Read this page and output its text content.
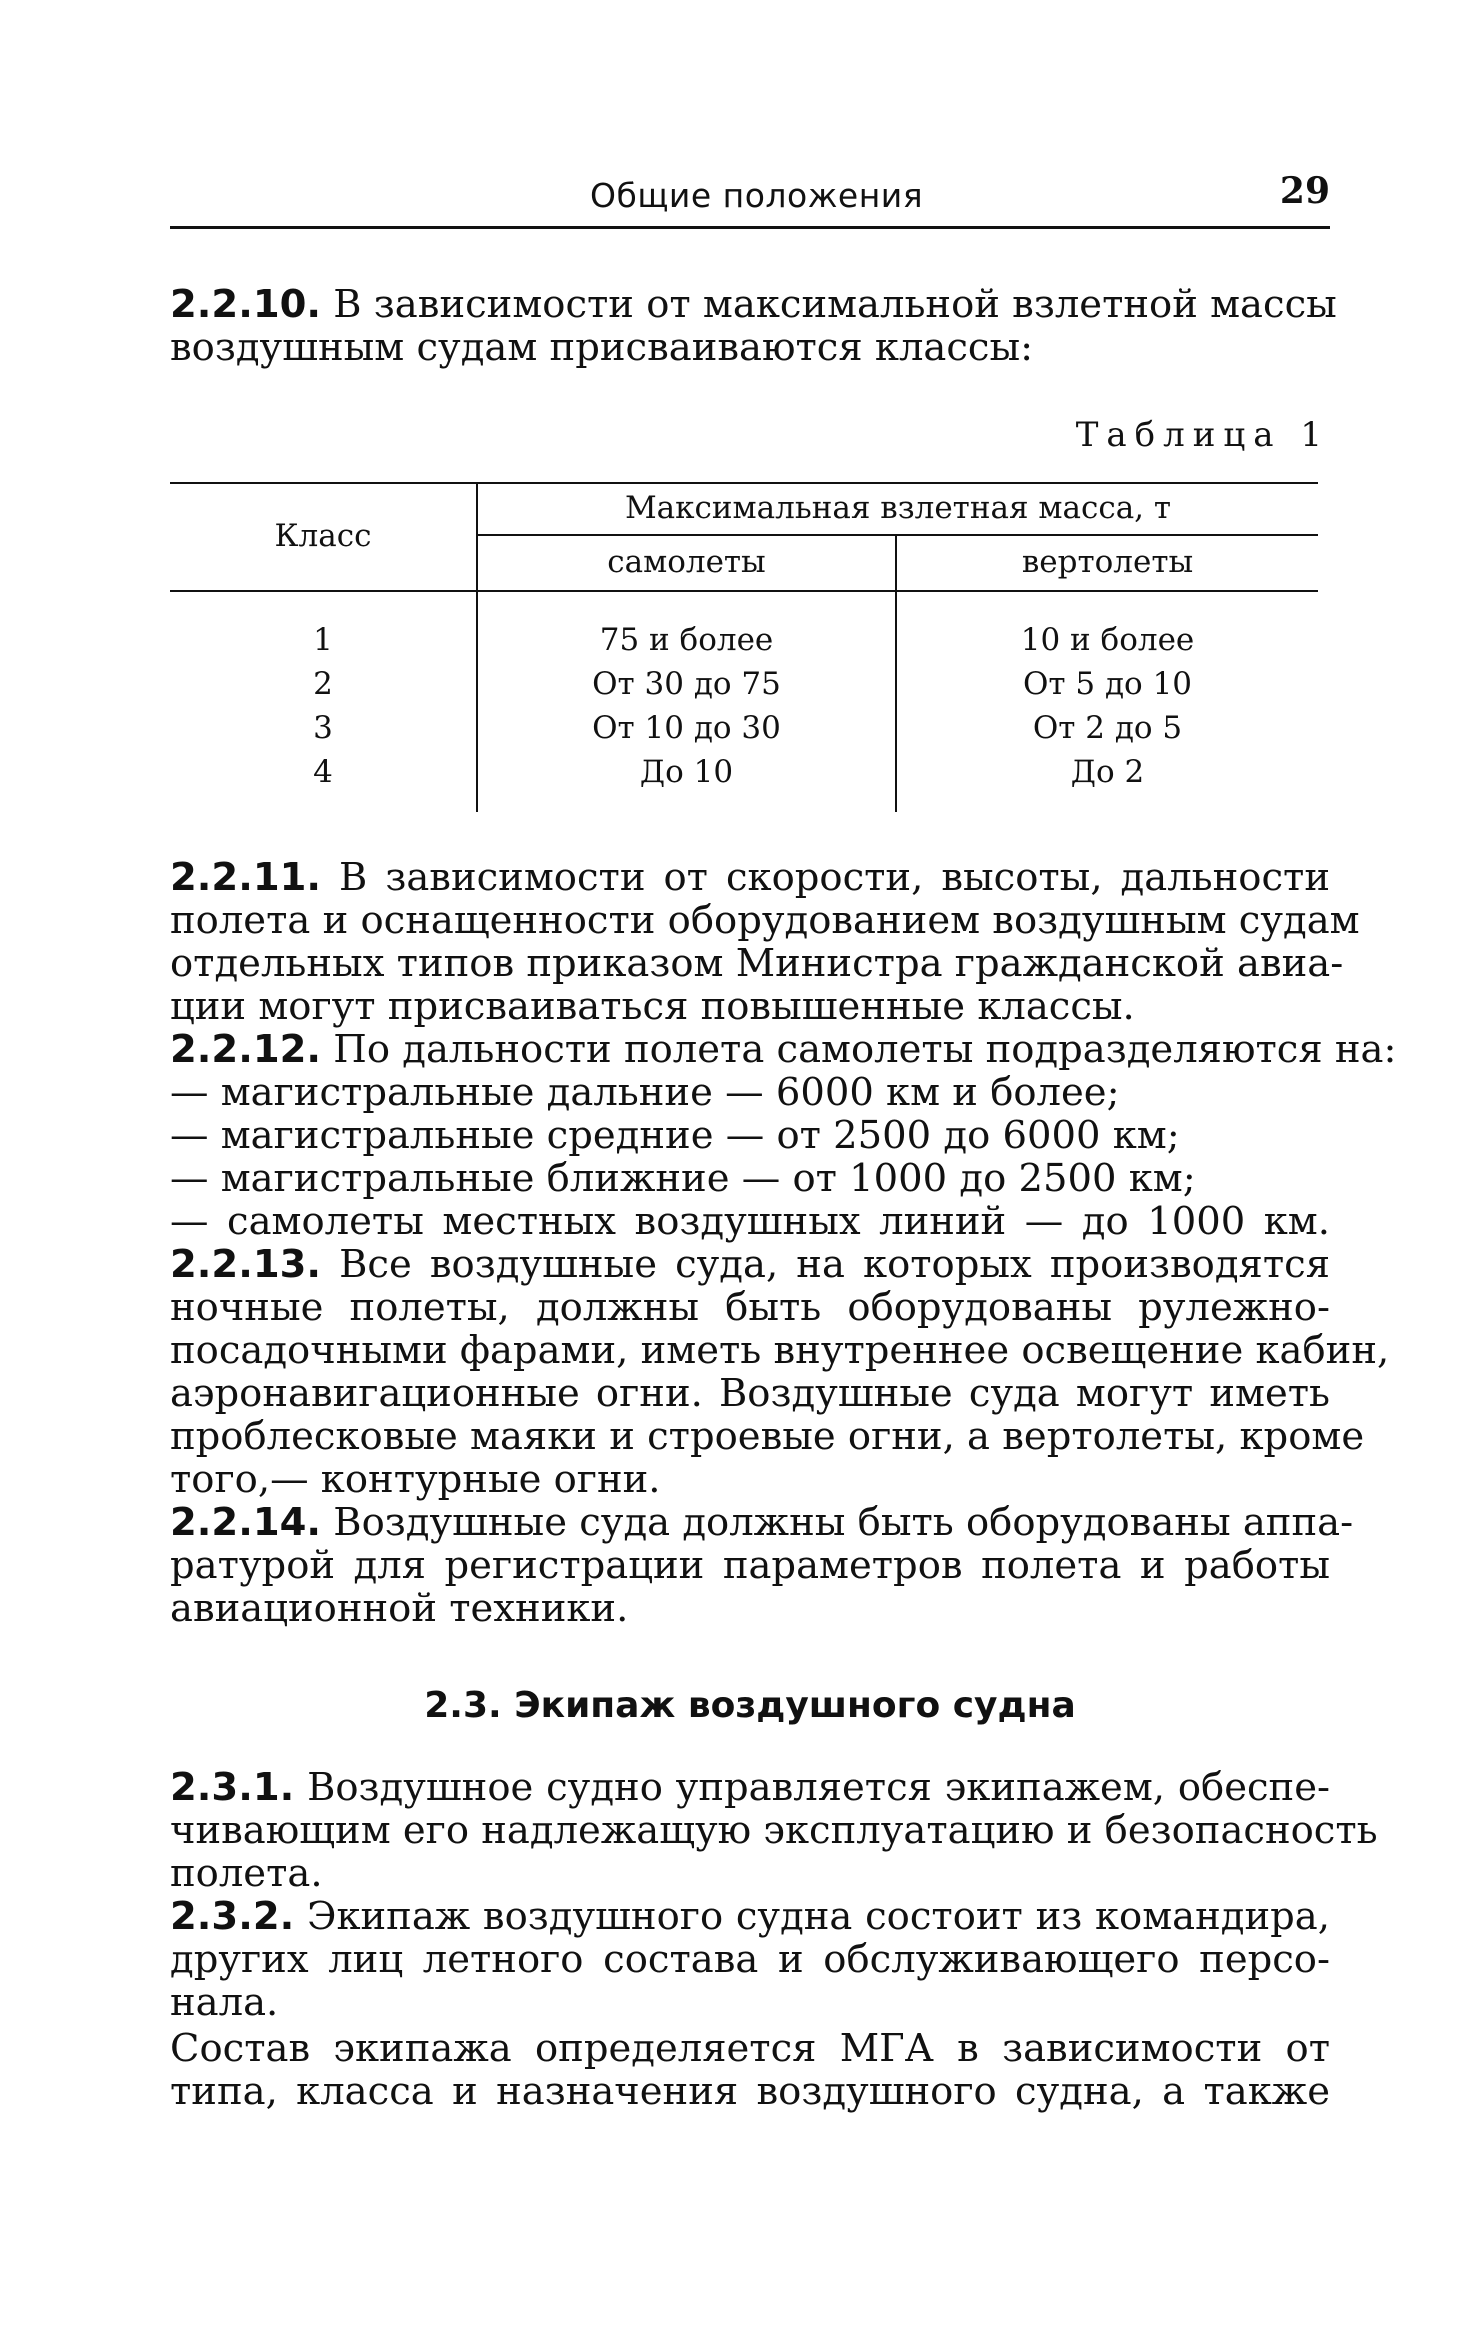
Общие положения	29
2.2.10. В зависимости от максимальной взлетной массы
воздушным судам присваиваются классы:
Таблица 1
Класс
Максимальная взлетная масса, т
самолеты	вертолеты
1	75 и более	10 и более
2	От 30 до 75	От 5 до 10
3	От 10 до 30	От 2 до 5
4	До 10	До 2
2.2.11. В зависимости от скорости, высоты, дальности
полета и оснащенности оборудованием воздушным судам
отдельных типов приказом Министра гражданской авиа-
ции могут присваиваться повышенные классы.
2.2.12. По дальности полета самолеты подразделяются на:
— магистральные дальние — 6000 км и более;
— магистральные средние — от 2500 до 6000 км;
— магистральные ближние — от 1000 до 2500 км;
— самолеты местных воздушных линий — до 1000 км.
2.2.13. Все воздушные суда, на которых производятся
ночные полеты, должны быть оборудованы рулежно-
посадочными фарами, иметь внутреннее освещение кабин,
аэронавигационные огни. Воздушные суда могут иметь
проблесковые маяки и строевые огни, а вертолеты, кроме
того,— контурные огни.
2.2.14. Воздушные суда должны быть оборудованы аппа-
ратурой для регистрации параметров полета и работы
авиационной техники.
2.3. Экипаж воздушного судна
2.3.1. Воздушное судно управляется экипажем, обеспе-
чивающим его надлежащую эксплуатацию и безопасность
полета.
2.3.2. Экипаж воздушного судна состоит из командира,
других лиц летного состава и обслуживающего персо-
нала.
Состав экипажа определяется МГА в зависимости от
типа, класса и назначения воздушного судна, а также
